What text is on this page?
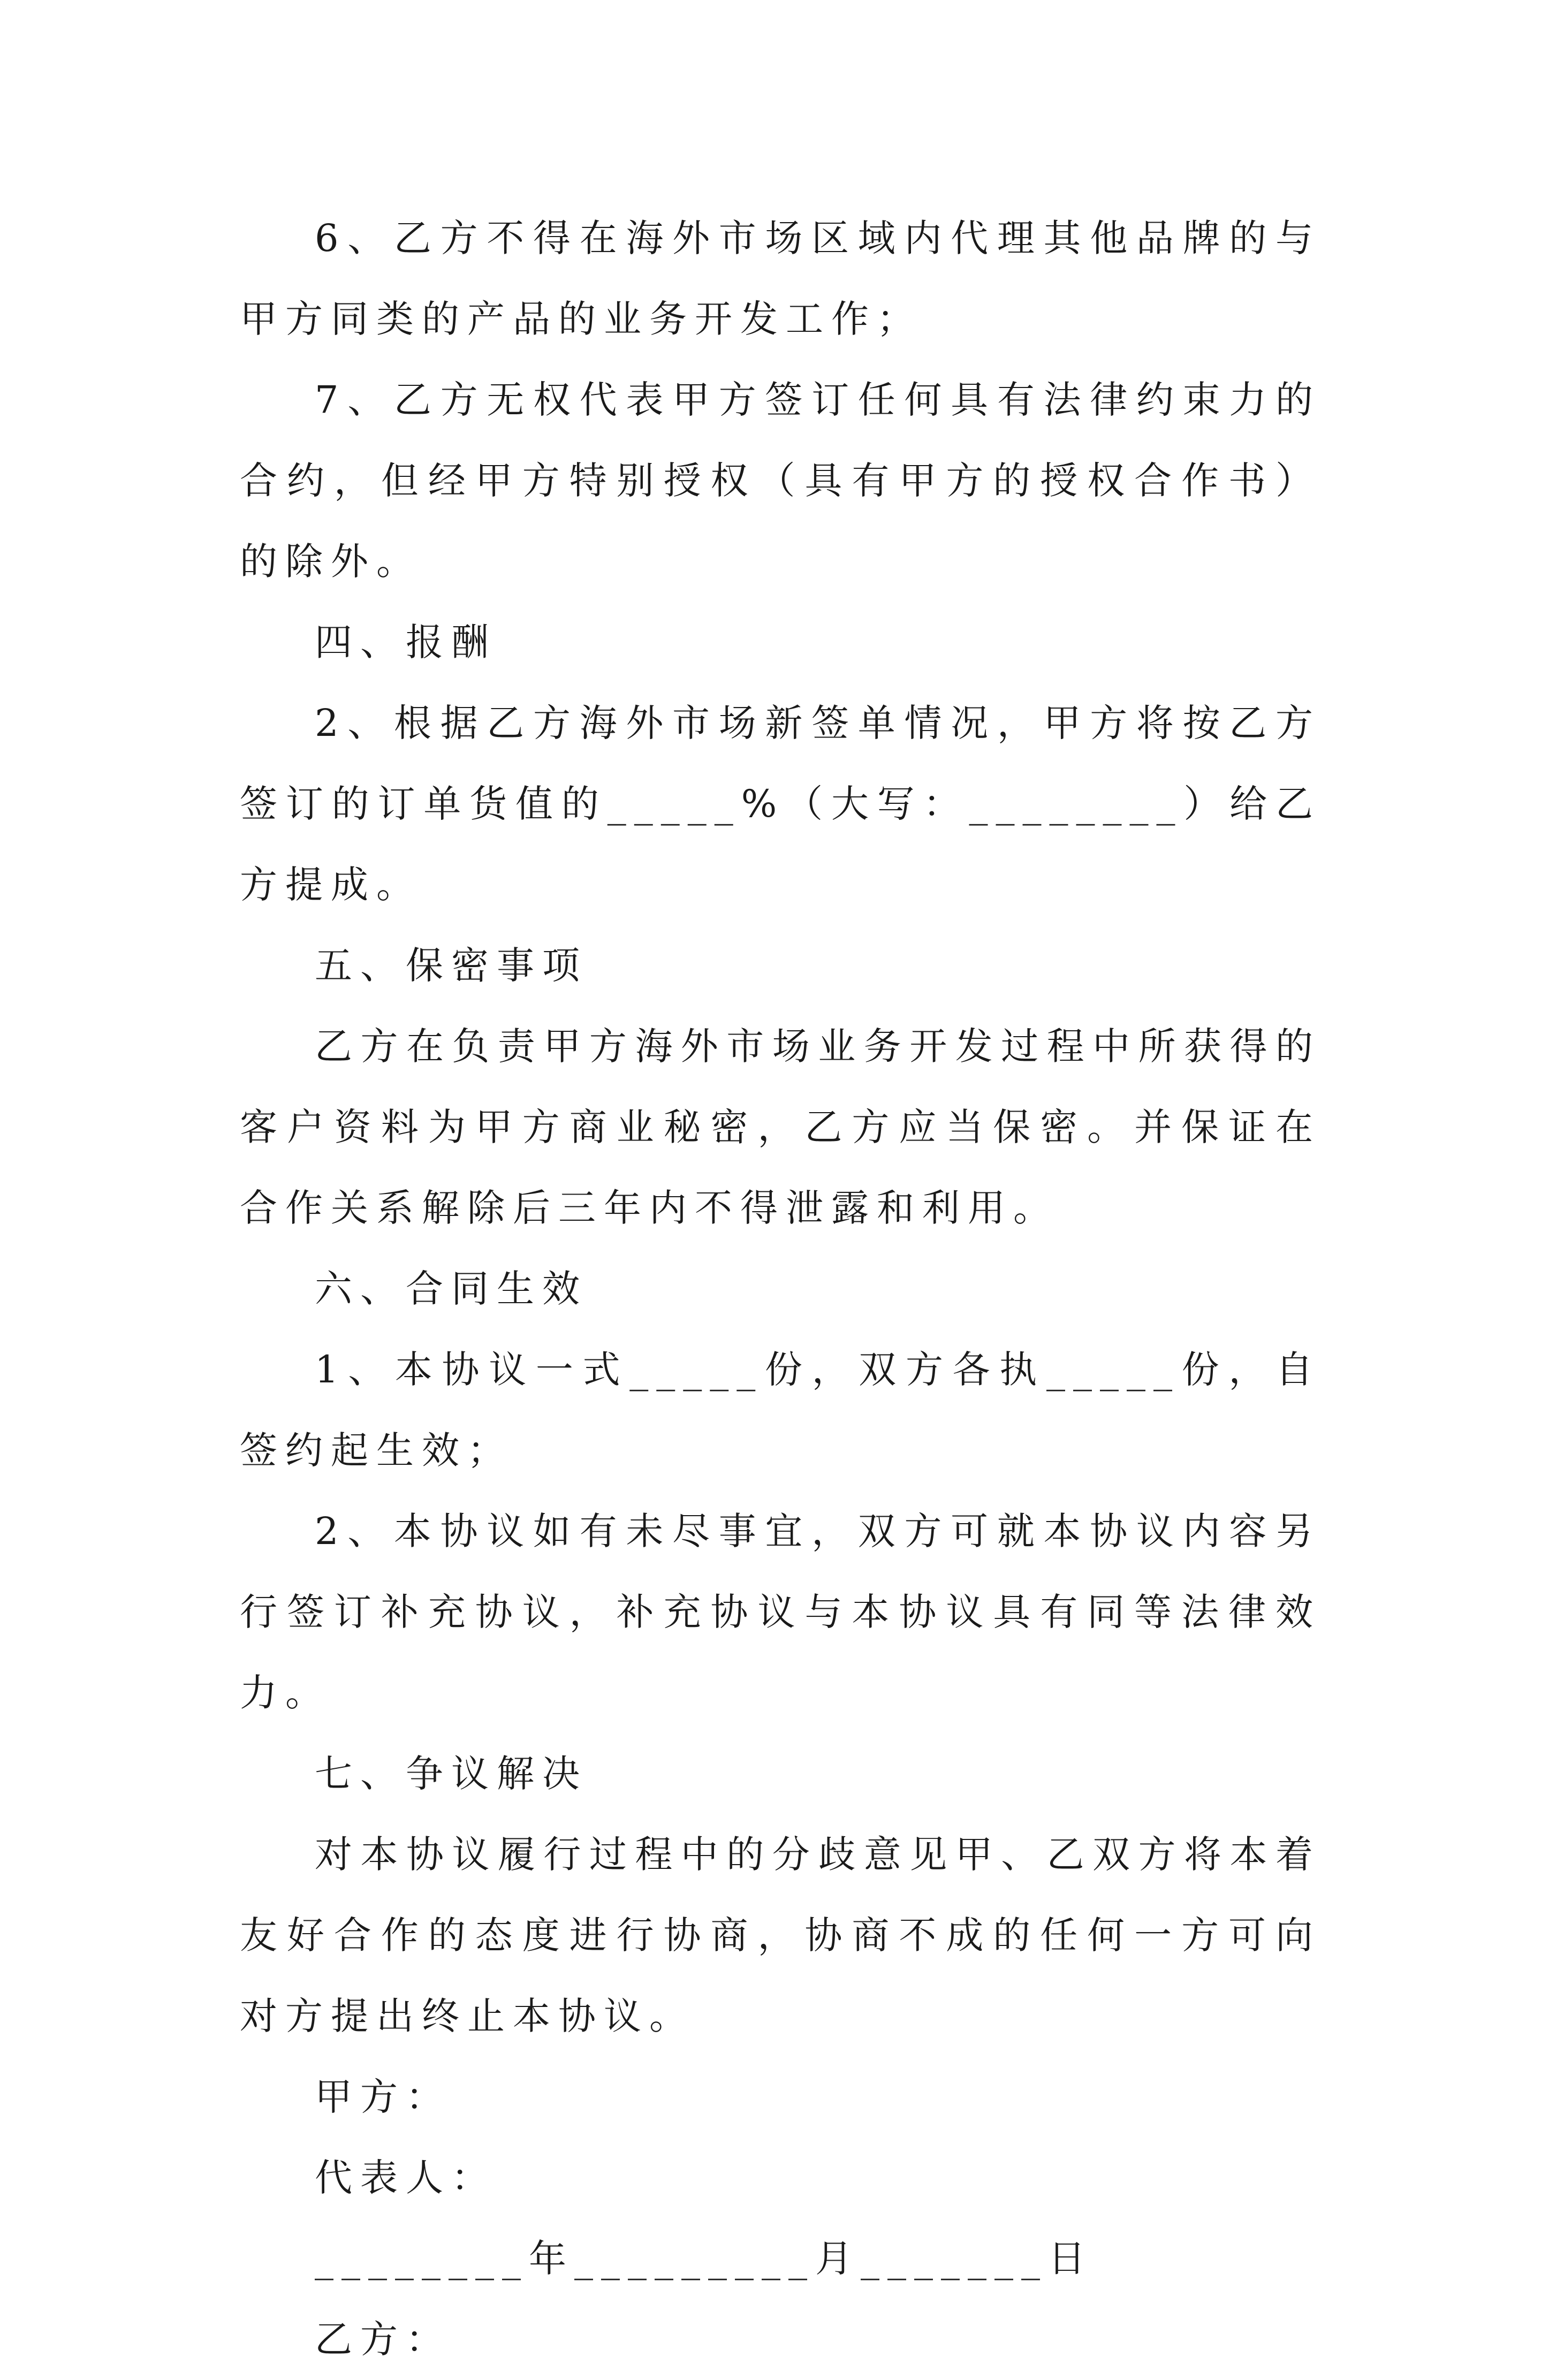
6、乙方不得在海外市场区域内代理其他品牌的与甲方同类的产品的业务开发工作；

7、乙方无权代表甲方签订任何具有法律约束力的合约，但经甲方特别授权（具有甲方的授权合作书）的除外。

四、报酬

2、根据乙方海外市场新签单情况，甲方将按乙方签订的订单货值的_____%（大写：________）给乙方提成。

五、保密事项

乙方在负责甲方海外市场业务开发过程中所获得的客户资料为甲方商业秘密，乙方应当保密。并保证在合作关系解除后三年内不得泄露和利用。

六、合同生效

1、本协议一式_____份，双方各执_____份，自签约起生效；

2、本协议如有未尽事宜，双方可就本协议内容另行签订补充协议，补充协议与本协议具有同等法律效力。

七、争议解决

对本协议履行过程中的分歧意见甲、乙双方将本着友好合作的态度进行协商，协商不成的任何一方可向对方提出终止本协议。

甲方：

代表人：

________年_________月_______日

乙方：
